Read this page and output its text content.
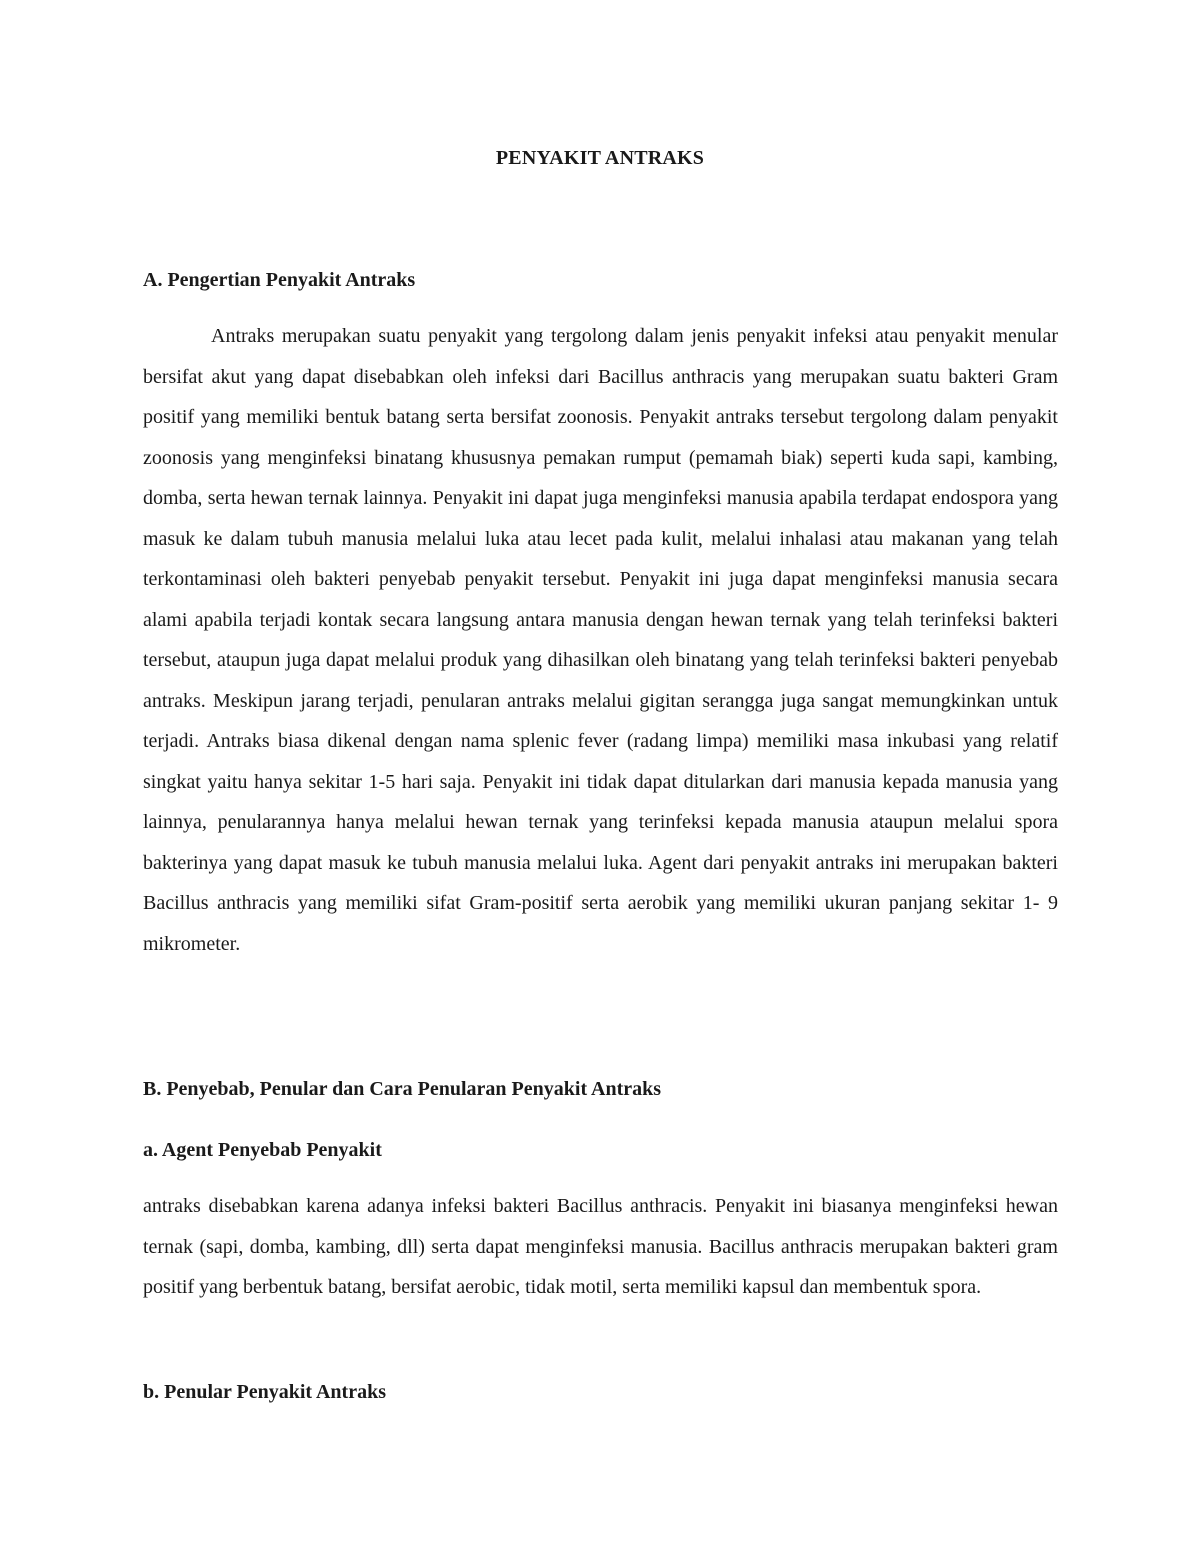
PENYAKIT ANTRAKS
A. Pengertian Penyakit Antraks

Antraks merupakan suatu penyakit yang tergolong dalam jenis penyakit infeksi atau penyakit menular bersifat akut yang dapat disebabkan oleh infeksi dari Bacillus anthracis yang merupakan suatu bakteri Gram positif yang memiliki bentuk batang serta bersifat zoonosis. Penyakit antraks tersebut tergolong dalam penyakit zoonosis yang menginfeksi binatang khususnya pemakan rumput (pemamah biak) seperti kuda sapi, kambing, domba, serta hewan ternak lainnya. Penyakit ini dapat juga menginfeksi manusia apabila terdapat endospora yang masuk ke dalam tubuh manusia melalui luka atau lecet pada kulit, melalui inhalasi atau makanan yang telah terkontaminasi oleh bakteri penyebab penyakit tersebut. Penyakit ini juga dapat menginfeksi manusia secara alami apabila terjadi kontak secara langsung antara manusia dengan hewan ternak yang telah terinfeksi bakteri tersebut, ataupun juga dapat melalui produk yang dihasilkan oleh binatang yang telah terinfeksi bakteri penyebab antraks. Meskipun jarang terjadi, penularan antraks melalui gigitan serangga juga sangat memungkinkan untuk terjadi. Antraks biasa dikenal dengan nama splenic fever (radang limpa) memiliki masa inkubasi yang relatif singkat yaitu hanya sekitar 1-5 hari saja. Penyakit ini tidak dapat ditularkan dari manusia kepada manusia yang lainnya, penularannya hanya melalui hewan ternak yang terinfeksi kepada manusia ataupun melalui spora bakterinya yang dapat masuk ke tubuh manusia melalui luka. Agent dari penyakit antraks ini merupakan bakteri Bacillus anthracis yang memiliki sifat Gram-positif serta aerobik yang memiliki ukuran panjang sekitar 1- 9 mikrometer.

B. Penyebab, Penular dan Cara Penularan Penyakit Antraks
a. Agent Penyebab Penyakit

antraks disebabkan karena adanya infeksi bakteri Bacillus anthracis. Penyakit ini biasanya menginfeksi hewan ternak (sapi, domba, kambing, dll) serta dapat menginfeksi manusia. Bacillus anthracis merupakan bakteri gram positif yang berbentuk batang, bersifat aerobic, tidak motil, serta memiliki kapsul dan membentuk spora.

b. Penular Penyakit Antraks
